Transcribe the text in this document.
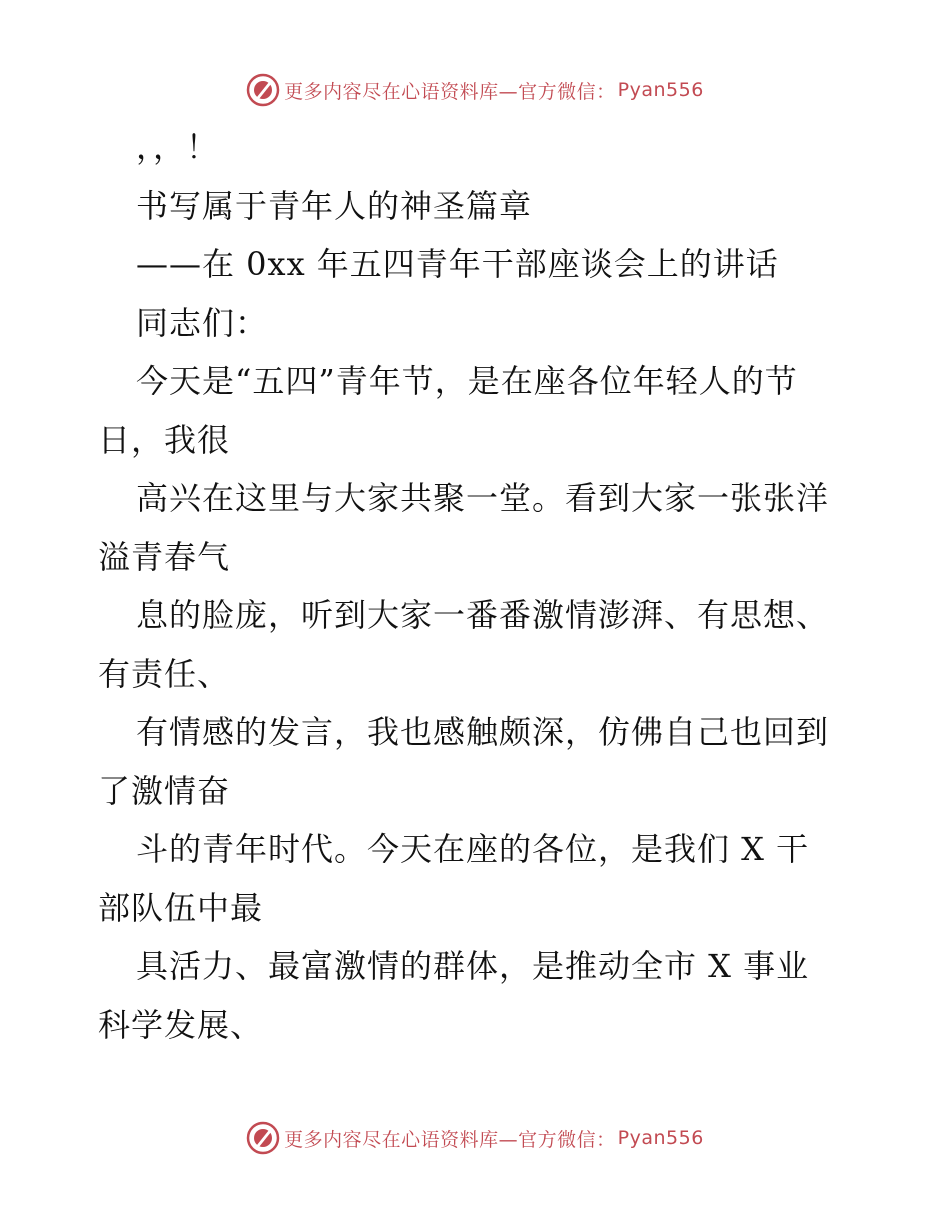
更多内容尽在心语资料库—官方微信： Pyan556
，，！
书写属于青年人的神圣篇章
——在 0xx 年五四青年干部座谈会上的讲话
同志们：
今天是“五四”青年节，是在座各位年轻人的节
日，我很
高兴在这里与大家共聚一堂。看到大家一张张洋
溢青春气
息的脸庞，听到大家一番番激情澎湃、有思想、
有责任、
有情感的发言，我也感触颇深，仿佛自己也回到
了激情奋
斗的青年时代。今天在座的各位，是我们 X 干
部队伍中最
具活力、最富激情的群体，是推动全市 X 事业
科学发展、
更多内容尽在心语资料库—官方微信： Pyan556
